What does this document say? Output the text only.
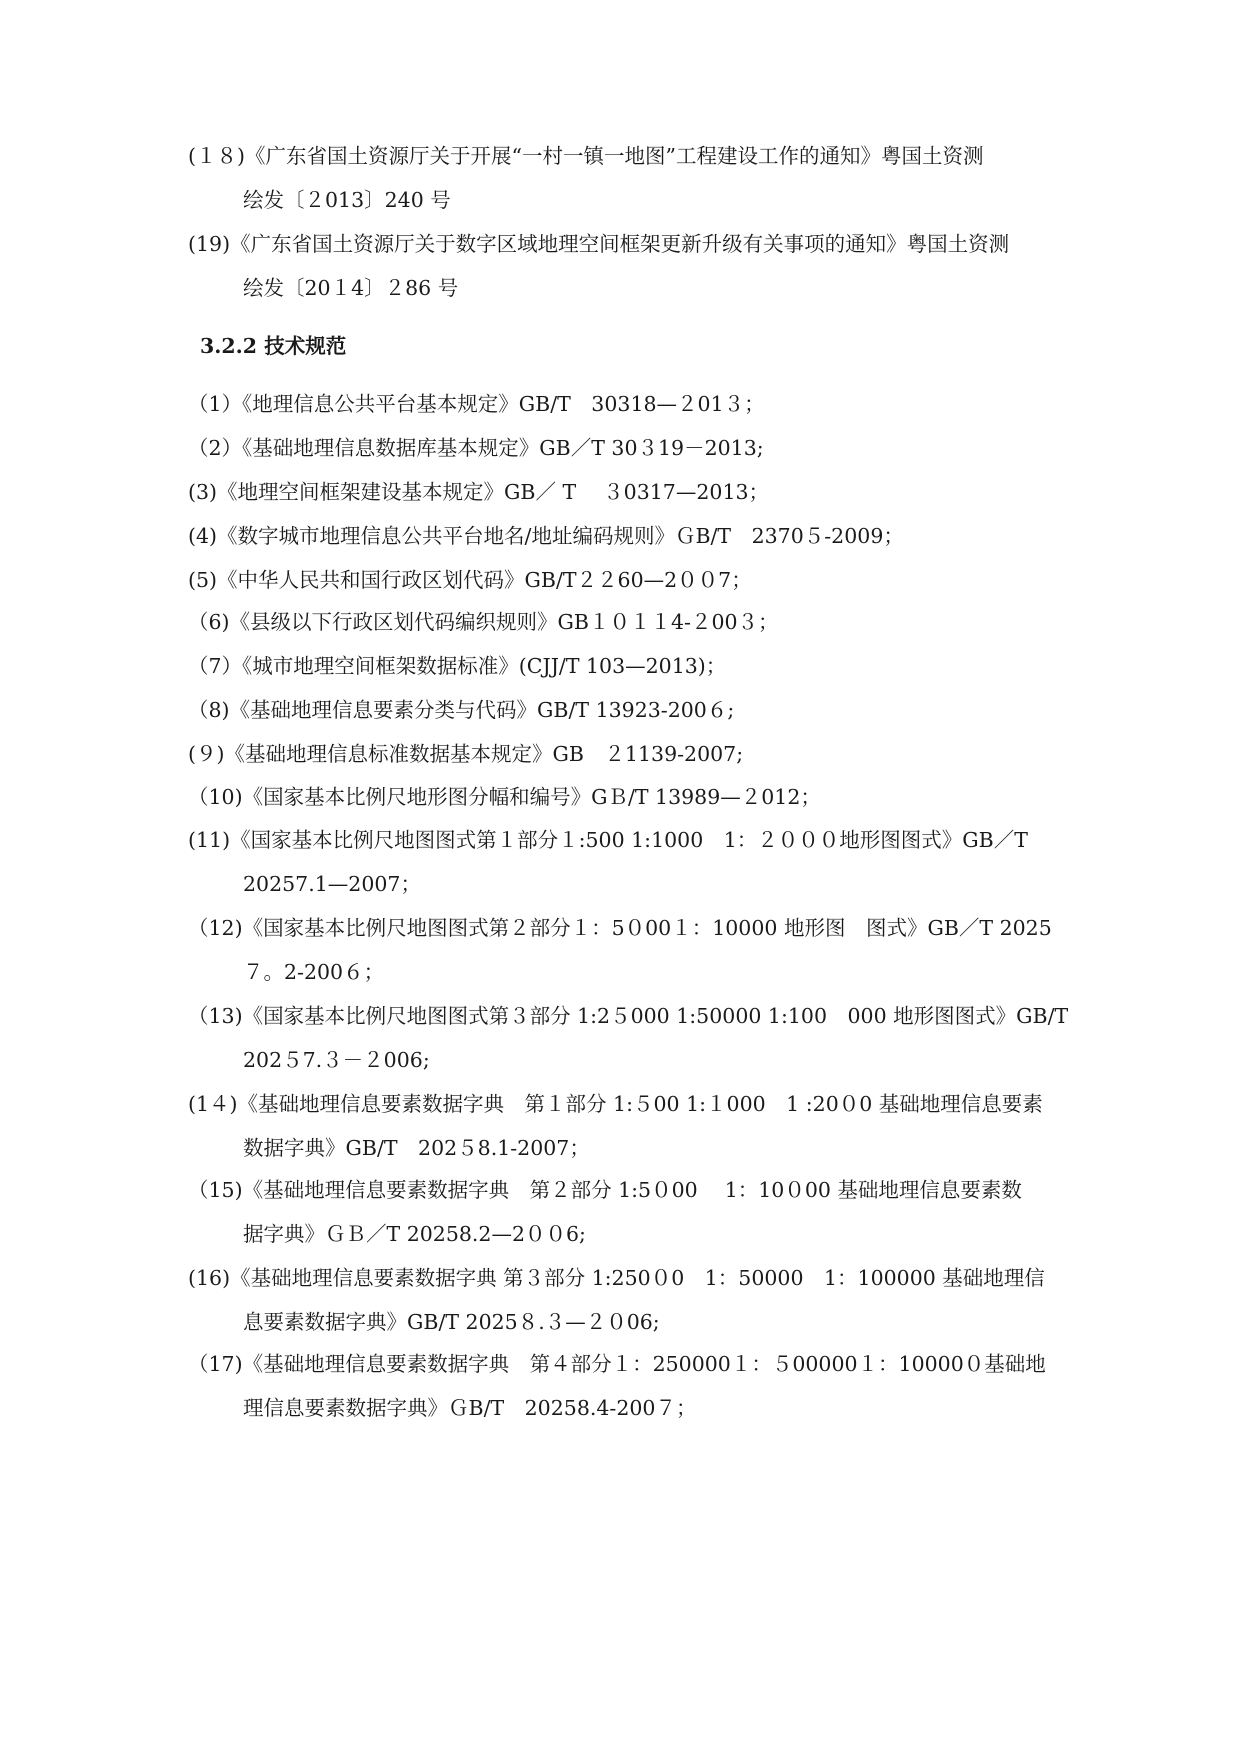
(１８)《广东省国土资源厅关于开展“一村一镇一地图”工程建设工作的通知》粤国土资测
绘发〔２013〕240 号
(19)《广东省国土资源厅关于数字区域地理空间框架更新升级有关事项的通知》粤国土资测
绘发〔20１4〕２86 号
3.2.2 技术规范
（1）《地理信息公共平台基本规定》GB/T　30318—２01３；
（2）《基础地理信息数据库基本规定》GB／T 30３19－2013;
(3)《地理空间框架建设基本规定》GB／ T　 ３0317—2013；
(4)《数字城市地理信息公共平台地名/地址编码规则》ＧB/T　2370５-2009；
(5)《中华人民共和国行政区划代码》GB/T２２60—2００7；
（6)《县级以下行政区划代码编织规则》GB１０１１4-２00３；
（7）《城市地理空间框架数据标准》(CJJ/T 103—2013)；
（8)《基础地理信息要素分类与代码》GB/T 13923-200６;
(９)《基础地理信息标准数据基本规定》GB　２1139-2007;
（10)《国家基本比例尺地形图分幅和编号》GＢ/T 13989—２012；
(11)《国家基本比例尺地图图式第１部分１:500 1:1000　1：２０００地形图图式》GB／T
20257.1—2007；
（12)《国家基本比例尺地图图式第２部分１：5０00１：10000 地形图　图式》GB／T 2025
７。2-200６；
（13)《国家基本比例尺地图图式第３部分 1:2５000 1:50000 1:100　000 地形图图式》GB/T
202５7.３－２006;
(1４)《基础地理信息要素数据字典　第１部分 1:５00 1:１000　1 :20０0 基础地理信息要素
数据字典》GB/T　202５8.1-2007；
（15)《基础地理信息要素数据字典　第２部分 1:5０00　 1：10０00 基础地理信息要素数
据字典》ＧＢ／T 20258.2—2００6;
(16)《基础地理信息要素数据字典 第３部分 1:250０0　1：50000　1：100000 基础地理信
息要素数据字典》GB/T 2025８.３—２０06;
（17)《基础地理信息要素数据字典　第４部分１：250000１：５00000１：10000０基础地
理信息要素数据字典》ＧB/T　20258.4-200７；
